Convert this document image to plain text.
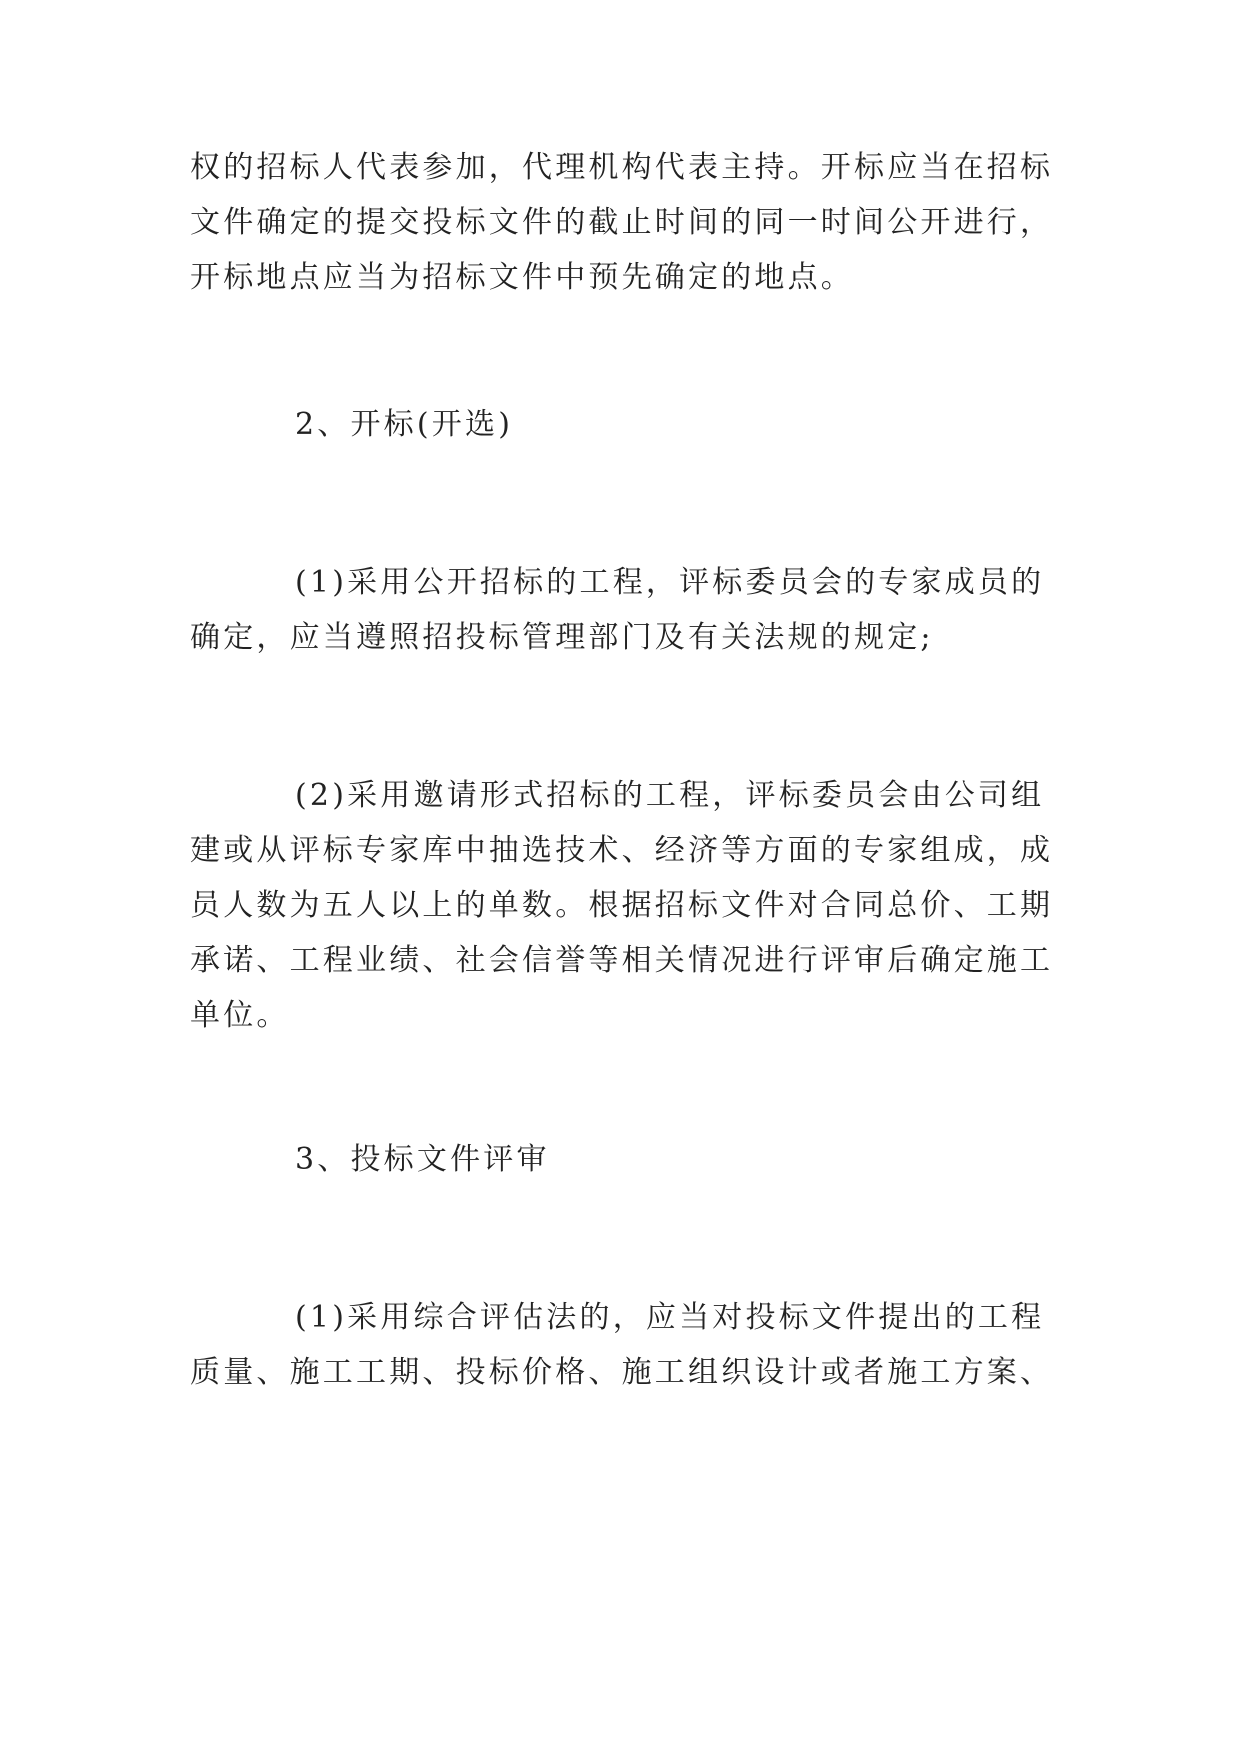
权的招标人代表参加，代理机构代表主持。开标应当在招标
文件确定的提交投标文件的截止时间的同一时间公开进行，
开标地点应当为招标文件中预先确定的地点。
2、开标(开选)
(1)采用公开招标的工程，评标委员会的专家成员的
确定，应当遵照招投标管理部门及有关法规的规定;
(2)采用邀请形式招标的工程，评标委员会由公司组
建或从评标专家库中抽选技术、经济等方面的专家组成，成
员人数为五人以上的单数。根据招标文件对合同总价、工期
承诺、工程业绩、社会信誉等相关情况进行评审后确定施工
单位。
3、投标文件评审
(1)采用综合评估法的，应当对投标文件提出的工程
质量、施工工期、投标价格、施工组织设计或者施工方案、
